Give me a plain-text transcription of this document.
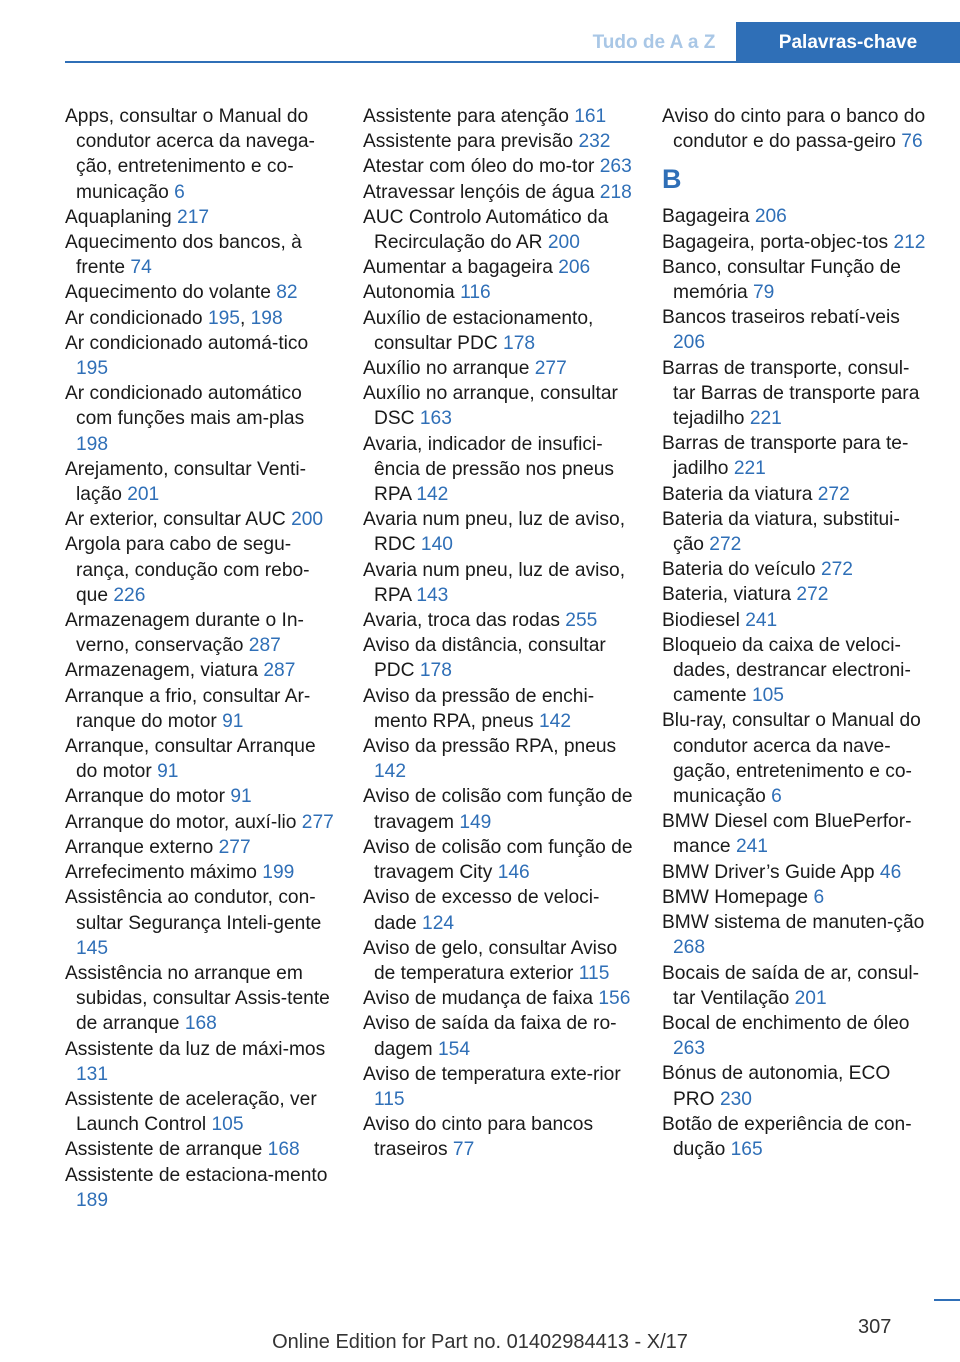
Tudo de A a Z	Palavras-chave
Apps, consultar o Manual do condutor acerca da navega-ção, entretenimento e co-municação 6
Aquaplaning 217
Aquecimento dos bancos, à frente 74
Aquecimento do volante 82
Ar condicionado 195, 198
Ar condicionado automá-tico 195
Ar condicionado automático com funções mais am-plas 198
Arejamento, consultar Venti-lação 201
Ar exterior, consultar AUC 200
Argola para cabo de segu-rança, condução com rebo-que 226
Armazenagem durante o In-verno, conservação 287
Armazenagem, viatura 287
Arranque a frio, consultar Ar-ranque do motor 91
Arranque, consultar Arranque do motor 91
Arranque do motor 91
Arranque do motor, auxí-lio 277
Arranque externo 277
Arrefecimento máximo 199
Assistência ao condutor, con-sultar Segurança Inteli-gente 145
Assistência no arranque em subidas, consultar Assis-tente de arranque 168
Assistente da luz de máxi-mos 131
Assistente de aceleração, ver Launch Control 105
Assistente de arranque 168
Assistente de estaciona-mento 189
Assistente para atenção 161
Assistente para previsão 232
Atestar com óleo do mo-tor 263
Atravessar lençóis de água 218
AUC Controlo Automático da Recirculação do AR 200
Aumentar a bagageira 206
Autonomia 116
Auxílio de estacionamento, consultar PDC 178
Auxílio no arranque 277
Auxílio no arranque, consultar DSC 163
Avaria, indicador de insufici-ência de pressão nos pneus RPA 142
Avaria num pneu, luz de aviso, RDC 140
Avaria num pneu, luz de aviso, RPA 143
Avaria, troca das rodas 255
Aviso da distância, consultar PDC 178
Aviso da pressão de enchi-mento RPA, pneus 142
Aviso da pressão RPA, pneus 142
Aviso de colisão com função de travagem 149
Aviso de colisão com função de travagem City 146
Aviso de excesso de veloci-dade 124
Aviso de gelo, consultar Aviso de temperatura exterior 115
Aviso de mudança de faixa 156
Aviso de saída da faixa de ro-dagem 154
Aviso de temperatura exte-rior 115
Aviso do cinto para bancos traseiros 77
Aviso do cinto para o banco do condutor e do passa-geiro 76
B
Bagageira 206
Bagageira, porta-objec-tos 212
Banco, consultar Função de memória 79
Bancos traseiros rebatí-veis 206
Barras de transporte, consul-tar Barras de transporte para tejadilho 221
Barras de transporte para te-jadilho 221
Bateria da viatura 272
Bateria da viatura, substitui-ção 272
Bateria do veículo 272
Bateria, viatura 272
Biodiesel 241
Bloqueio da caixa de veloci-dades, destrancar electroni-camente 105
Blu-ray, consultar o Manual do condutor acerca da nave-gação, entretenimento e co-municação 6
BMW Diesel com BluePerfor-mance 241
BMW Driver’s Guide App 46
BMW Homepage 6
BMW sistema de manuten-ção 268
Bocais de saída de ar, consul-tar Ventilação 201
Bocal de enchimento de óleo 263
Bónus de autonomia, ECO PRO 230
Botão de experiência de con-dução 165
307
Online Edition for Part no. 01402984413 - X/17
